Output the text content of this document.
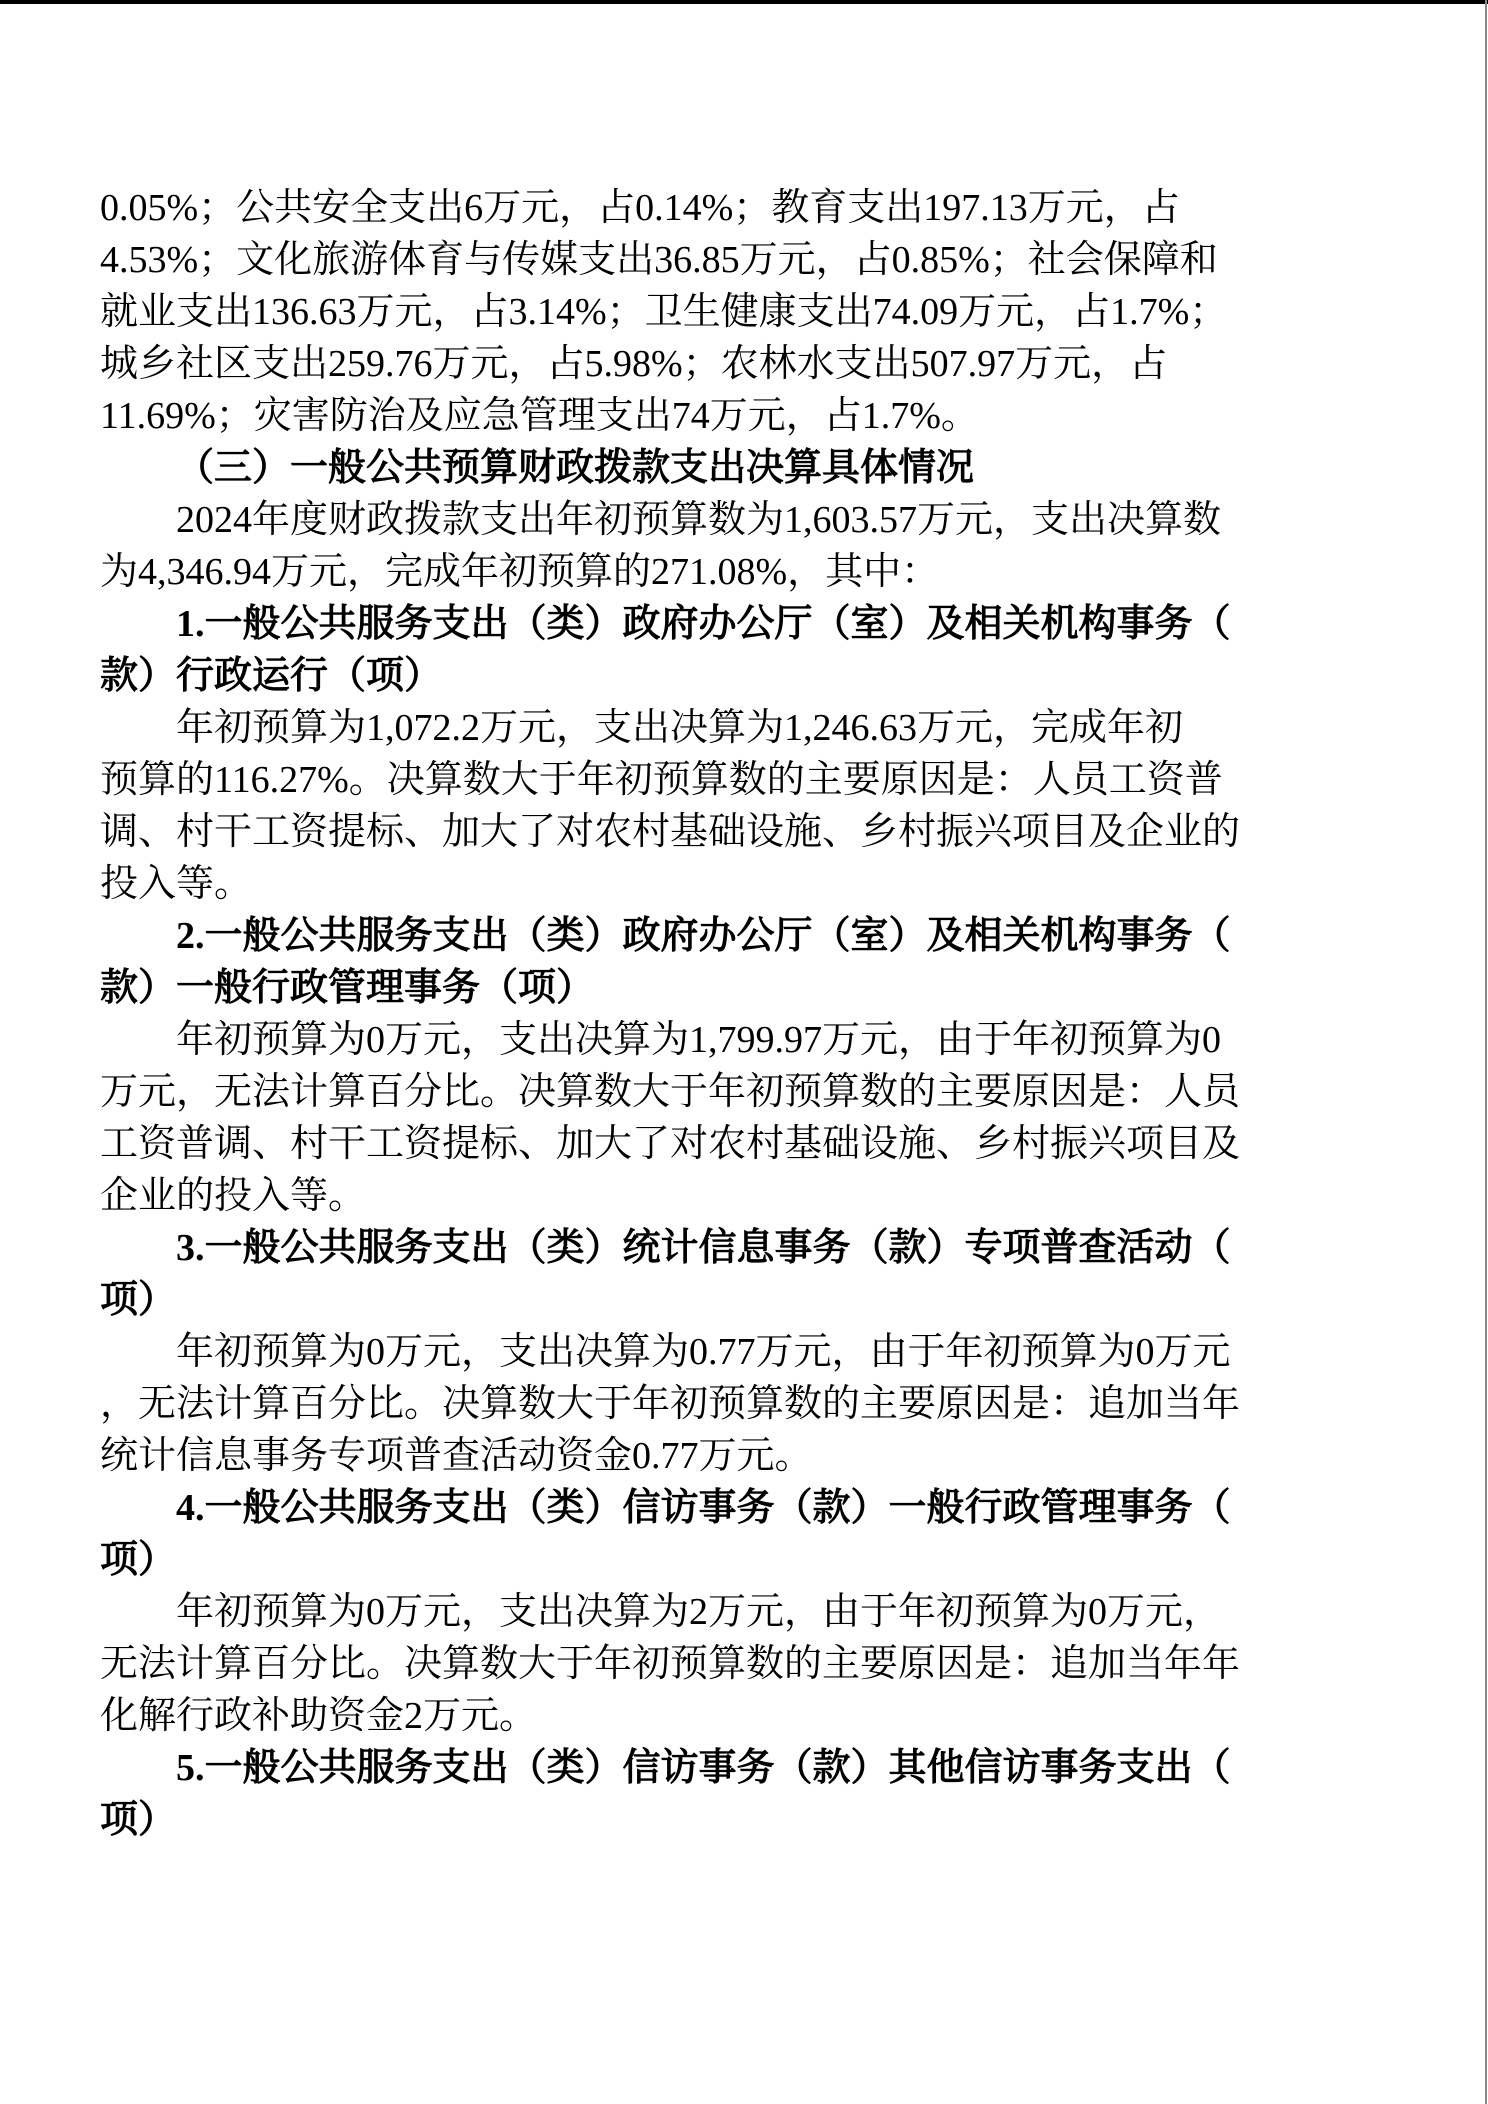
0.05%；公共安全支出6万元，占0.14%；教育支出197.13万元，占
4.53%；文化旅游体育与传媒支出36.85万元，占0.85%；社会保障和
就业支出136.63万元，占3.14%；卫生健康支出74.09万元，占1.7%；
城乡社区支出259.76万元，占5.98%；农林水支出507.97万元，占
11.69%；灾害防治及应急管理支出74万元，占1.7%。
（三）一般公共预算财政拨款支出决算具体情况
2024年度财政拨款支出年初预算数为1,603.57万元，支出决算数
为4,346.94万元，完成年初预算的271.08%，其中：
1.一般公共服务支出（类）政府办公厅（室）及相关机构事务（
款）行政运行（项）
年初预算为1,072.2万元，支出决算为1,246.63万元，完成年初
预算的116.27%。决算数大于年初预算数的主要原因是：人员工资普
调、村干工资提标、加大了对农村基础设施、乡村振兴项目及企业的
投入等。
2.一般公共服务支出（类）政府办公厅（室）及相关机构事务（
款）一般行政管理事务（项）
年初预算为0万元，支出决算为1,799.97万元，由于年初预算为0
万元，无法计算百分比。决算数大于年初预算数的主要原因是：人员
工资普调、村干工资提标、加大了对农村基础设施、乡村振兴项目及
企业的投入等。
3.一般公共服务支出（类）统计信息事务（款）专项普查活动（
项）
年初预算为0万元，支出决算为0.77万元，由于年初预算为0万元
，无法计算百分比。决算数大于年初预算数的主要原因是：追加当年
统计信息事务专项普查活动资金0.77万元。
4.一般公共服务支出（类）信访事务（款）一般行政管理事务（
项）
年初预算为0万元，支出决算为2万元，由于年初预算为0万元，
无法计算百分比。决算数大于年初预算数的主要原因是：追加当年年
化解行政补助资金2万元。
5.一般公共服务支出（类）信访事务（款）其他信访事务支出（
项）
